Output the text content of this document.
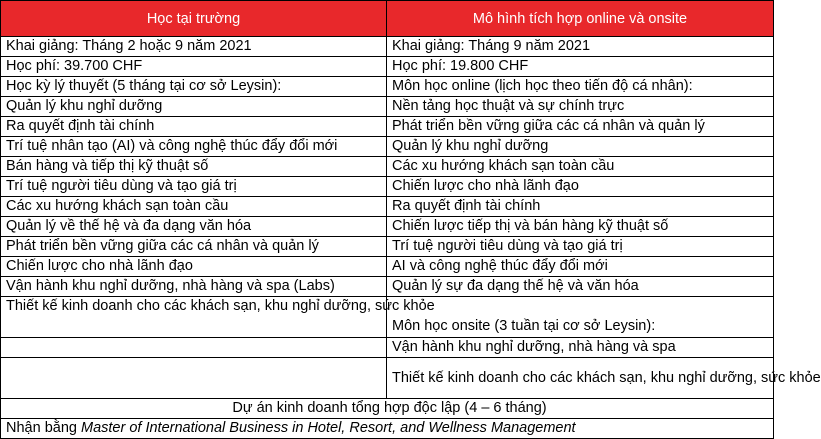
Học tại trường	Mô hình tích hợp online và onsite
Khai giảng: Tháng 2 hoặc 9 năm 2021	Khai giảng: Tháng 9 năm 2021
Học phí: 39.700 CHF	Học phí: 19.800 CHF
Học kỳ lý thuyết (5 tháng tại cơ sở Leysin):	Môn học online (lịch học theo tiến độ cá nhân):
Quản lý khu nghỉ dưỡng	Nền tảng học thuật và sự chính trực
Ra quyết định tài chính	Phát triển bền vững giữa các cá nhân và quản lý
Trí tuệ nhân tạo (AI) và công nghệ thúc đẩy đổi mới	Quản lý khu nghỉ dưỡng
Bán hàng và tiếp thị kỹ thuật số	Các xu hướng khách sạn toàn cầu
Trí tuệ người tiêu dùng và tạo giá trị	Chiến lược cho nhà lãnh đạo
Các xu hướng khách sạn toàn cầu	Ra quyết định tài chính
Quản lý về thế hệ và đa dạng văn hóa	Chiến lược tiếp thị và bán hàng kỹ thuật số
Phát triển bền vững giữa các cá nhân và quản lý	Trí tuệ người tiêu dùng và tạo giá trị
Chiến lược cho nhà lãnh đạo	AI và công nghệ thúc đẩy đổi mới
Vận hành khu nghỉ dưỡng, nhà hàng và spa (Labs)	Quản lý sự đa dạng thế hệ và văn hóa
Thiết kế kinh doanh cho các khách sạn, khu nghỉ dưỡng, sức khỏe	Môn học onsite (3 tuần tại cơ sở Leysin):
	Vận hành khu nghỉ dưỡng, nhà hàng và spa
	Thiết kế kinh doanh cho các khách sạn, khu nghỉ dưỡng, sức khỏe
Dự án kinh doanh tổng hợp độc lập (4 – 6 tháng)	
Nhận bằng Master of International Business in Hotel, Resort, and Wellness Management	
